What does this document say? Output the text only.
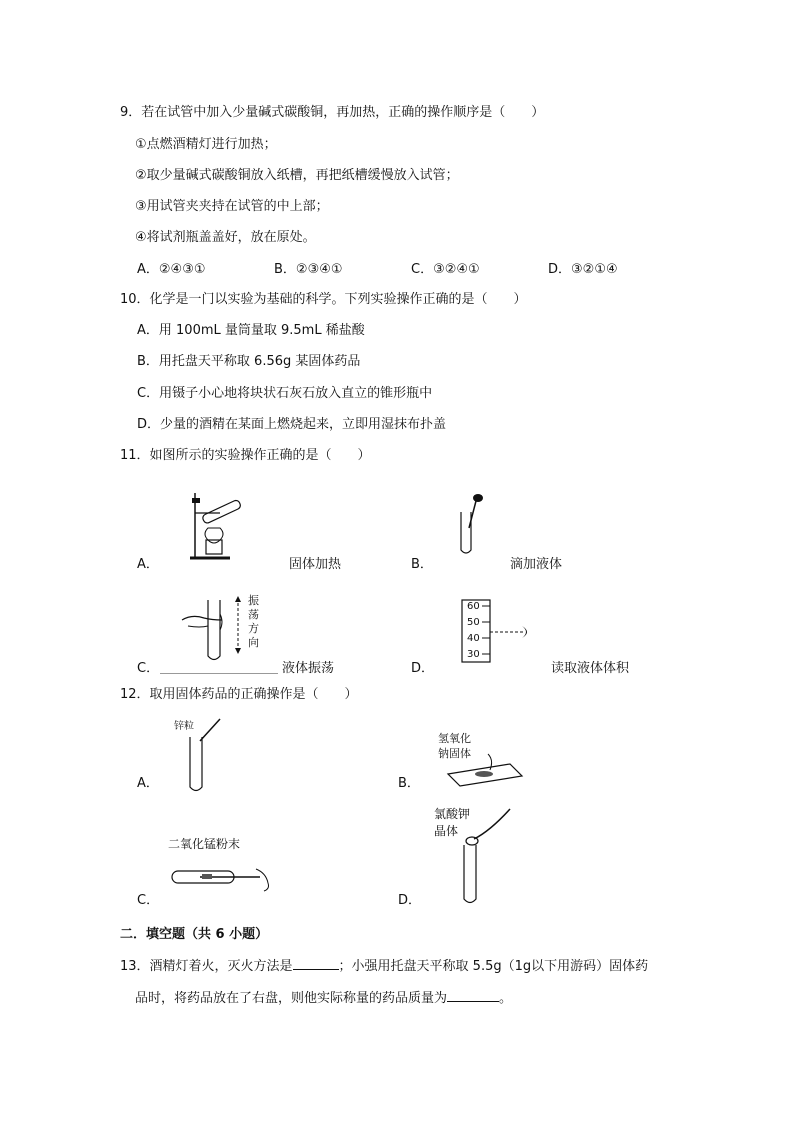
9．若在试管中加入少量碱式碳酸铜，再加热，正确的操作顺序是（　　）
①点燃酒精灯进行加热；
②取少量碱式碳酸铜放入纸槽，再把纸槽缓慢放入试管；
③用试管夹夹持在试管的中上部；
④将试剂瓶盖盖好，放在原处。
A．②④③①	B．②③④①	C．③②④①	D．③②①④
10．化学是一门以实验为基础的科学。下列实验操作正确的是（　　）
A．用 100mL 量筒量取 9.5mL 稀盐酸
B．用托盘天平称取 6.56g 某固体药品
C．用镊子小心地将块状石灰石放入直立的锥形瓶中
D．少量的酒精在某面上燃烧起来，立即用湿抹布扑盖
11．如图所示的实验操作正确的是（　　）
A．	固体加热	B．	滴加液体
振
荡
方
向
C．	液体振荡
60
50
40
30
D．	读取液体体积
12．取用固体药品的正确操作是（　　）
锌粒
A．
氢氧化
钠固体
B．
二氧化锰粉末
C．
氯酸钾
晶体
D．
二．填空题（共 6 小题）
13．酒精灯着火，灭火方法是	；小强用托盘天平称取 5.5g（1g以下用游码）固体药
品时，将药品放在了右盘，则他实际称量的药品质量为	。
